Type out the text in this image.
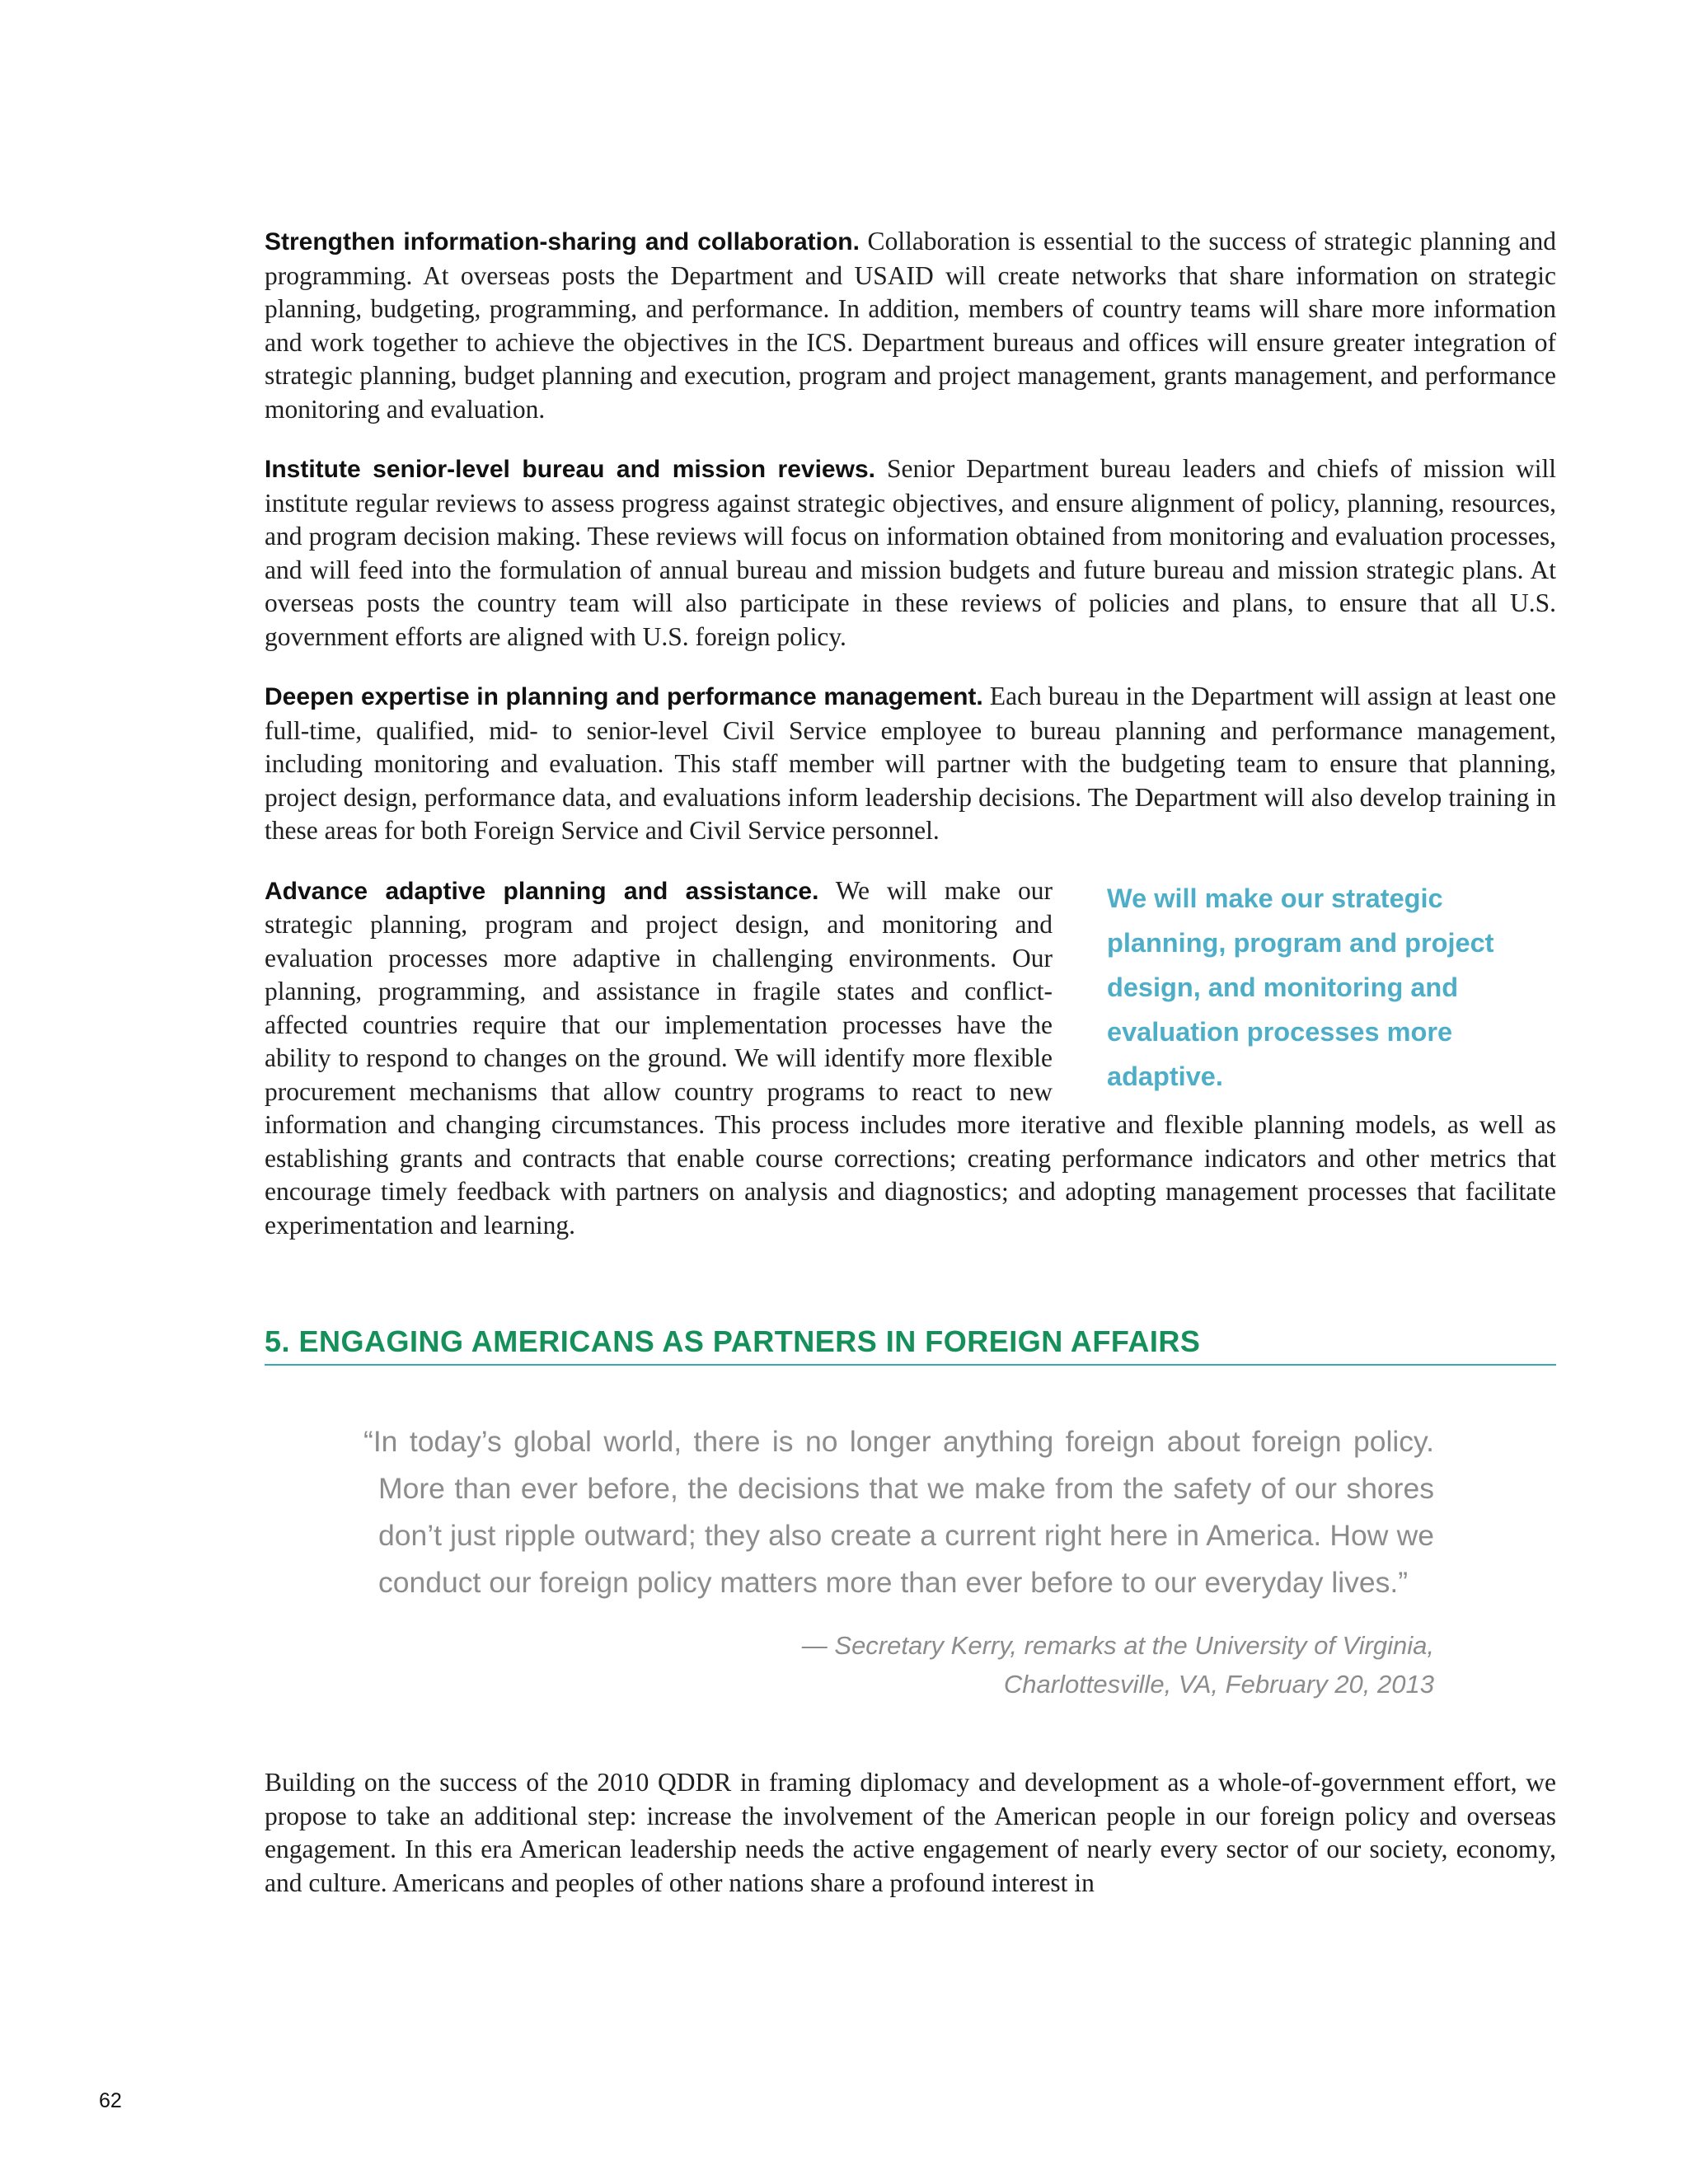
Strengthen information-sharing and collaboration. Collaboration is essential to the success of strategic planning and programming. At overseas posts the Department and USAID will create networks that share information on strategic planning, budgeting, programming, and performance. In addition, members of country teams will share more information and work together to achieve the objectives in the ICS. Department bureaus and offices will ensure greater integration of strategic planning, budget planning and execution, program and project management, grants management, and performance monitoring and evaluation.

Institute senior-level bureau and mission reviews. Senior Department bureau leaders and chiefs of mission will institute regular reviews to assess progress against strategic objectives, and ensure alignment of policy, planning, resources, and program decision making. These reviews will focus on information obtained from monitoring and evaluation processes, and will feed into the formulation of annual bureau and mission budgets and future bureau and mission strategic plans. At overseas posts the country team will also participate in these reviews of policies and plans, to ensure that all U.S. government efforts are aligned with U.S. foreign policy.

Deepen expertise in planning and performance management. Each bureau in the Department will assign at least one full-time, qualified, mid- to senior-level Civil Service employee to bureau planning and performance management, including monitoring and evaluation. This staff member will partner with the budgeting team to ensure that planning, project design, performance data, and evaluations inform leadership decisions. The Department will also develop training in these areas for both Foreign Service and Civil Service personnel.

We will make our strategic planning, program and project design, and monitoring and evaluation processes more adaptive.

Advance adaptive planning and assistance. We will make our strategic planning, program and project design, and monitoring and evaluation processes more adaptive in challenging environments. Our planning, programming, and assistance in fragile states and conflict-affected countries require that our implementation processes have the ability to respond to changes on the ground. We will identify more flexible procurement mechanisms that allow country programs to react to new information and changing circumstances. This process includes more iterative and flexible planning models, as well as establishing grants and contracts that enable course corrections; creating performance indicators and other metrics that encourage timely feedback with partners on analysis and diagnostics; and adopting management processes that facilitate experimentation and learning.

5. ENGAGING AMERICANS AS PARTNERS IN FOREIGN AFFAIRS

“In today’s global world, there is no longer anything foreign about foreign policy. More than ever before, the decisions that we make from the safety of our shores don’t just ripple outward; they also create a current right here in America. How we conduct our foreign policy matters more than ever before to our everyday lives.”

— Secretary Kerry, remarks at the University of Virginia,
Charlottesville, VA, February 20, 2013

Building on the success of the 2010 QDDR in framing diplomacy and development as a whole-of-government effort, we propose to take an additional step: increase the involvement of the American people in our foreign policy and overseas engagement. In this era American leadership needs the active engagement of nearly every sector of our society, economy, and culture. Americans and peoples of other nations share a profound interest in

62
